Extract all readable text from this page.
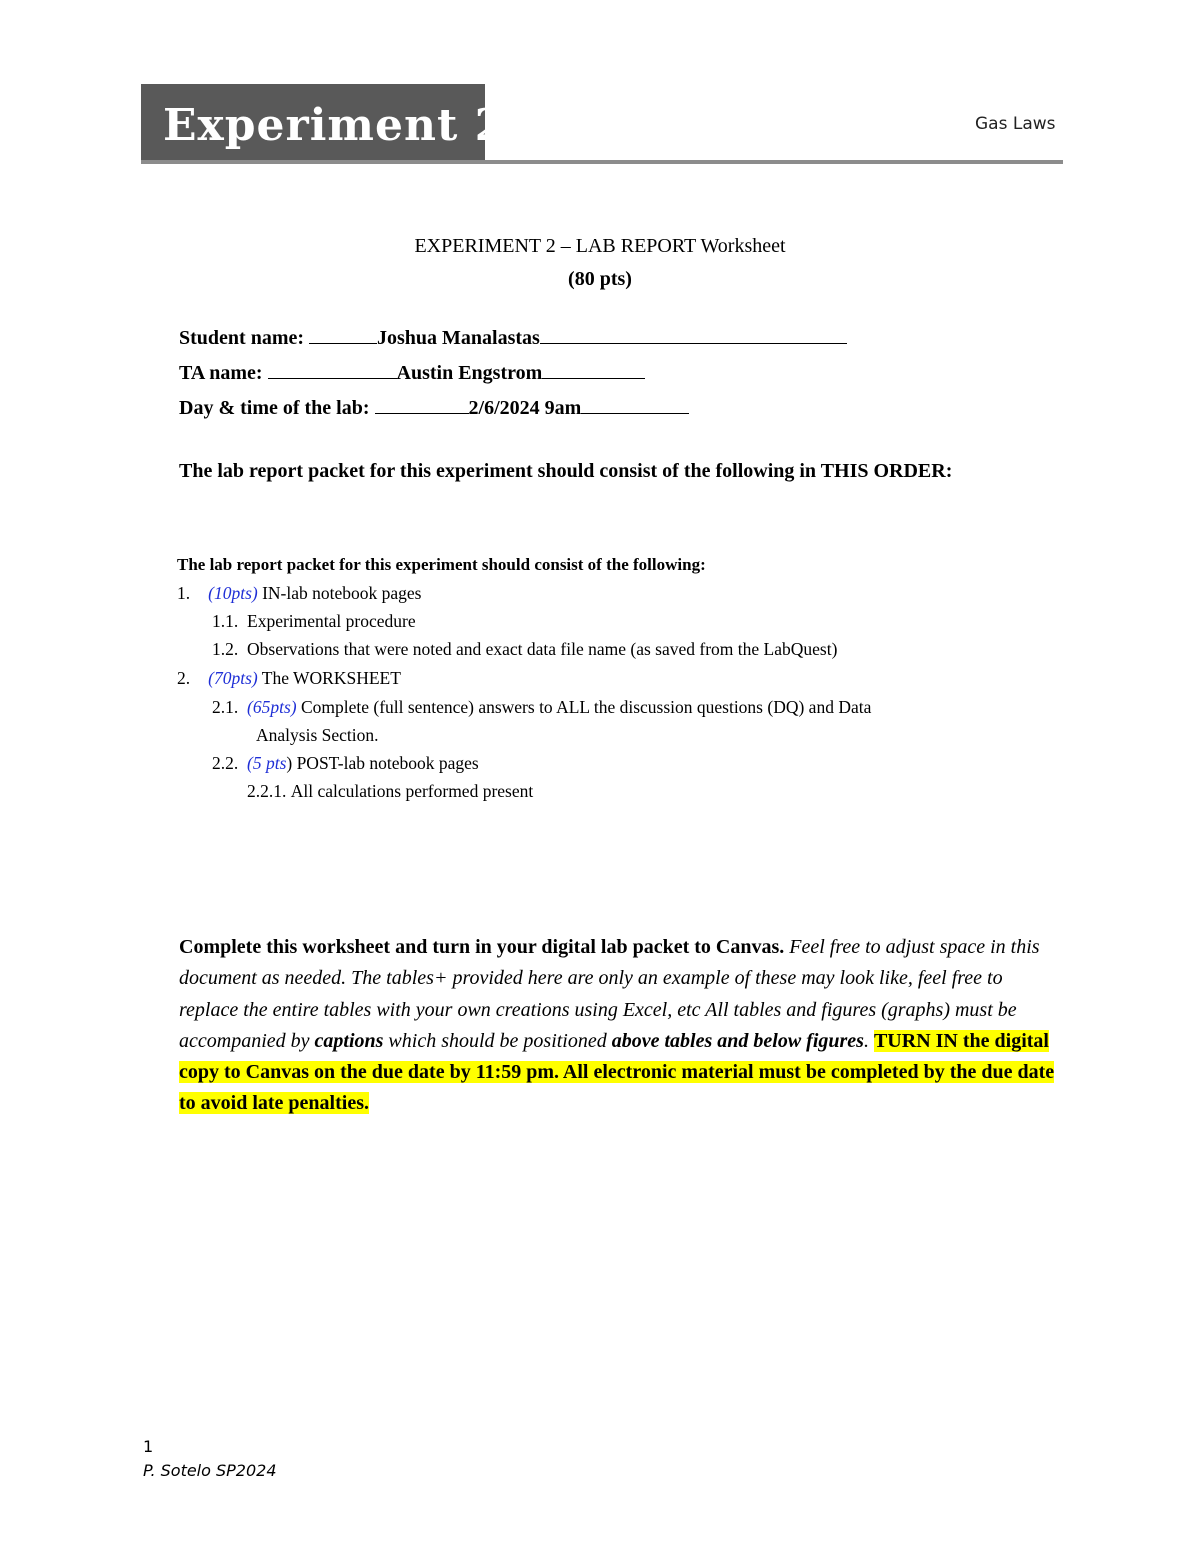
Experiment 2	Gas Laws
EXPERIMENT 2 – LAB REPORT Worksheet
(80 pts)
Student name:	Joshua Manalastas
TA name:	Austin Engstrom
Day & time of the lab:	2/6/2024 9am
The lab report packet for this experiment should consist of the following in THIS ORDER:
The lab report packet for this experiment should consist of the following:
1. (10pts) IN-lab notebook pages
1.1. Experimental procedure
1.2. Observations that were noted and exact data file name (as saved from the LabQuest)
2. (70pts) The WORKSHEET
2.1. (65pts) Complete (full sentence) answers to ALL the discussion questions (DQ) and Data
Analysis Section.
2.2. (5 pts) POST-lab notebook pages
2.2.1. All calculations performed present
Complete this worksheet and turn in your digital lab packet to Canvas. Feel free to adjust space in this document as needed. The tables+ provided here are only an example of these may look like, feel free to replace the entire tables with your own creations using Excel, etc All tables and figures (graphs) must be accompanied by captions which should be positioned above tables and below figures. TURN IN the digital copy to Canvas on the due date by 11:59 pm. All electronic material must be completed by the due date to avoid late penalties.
1
P. Sotelo SP2024
